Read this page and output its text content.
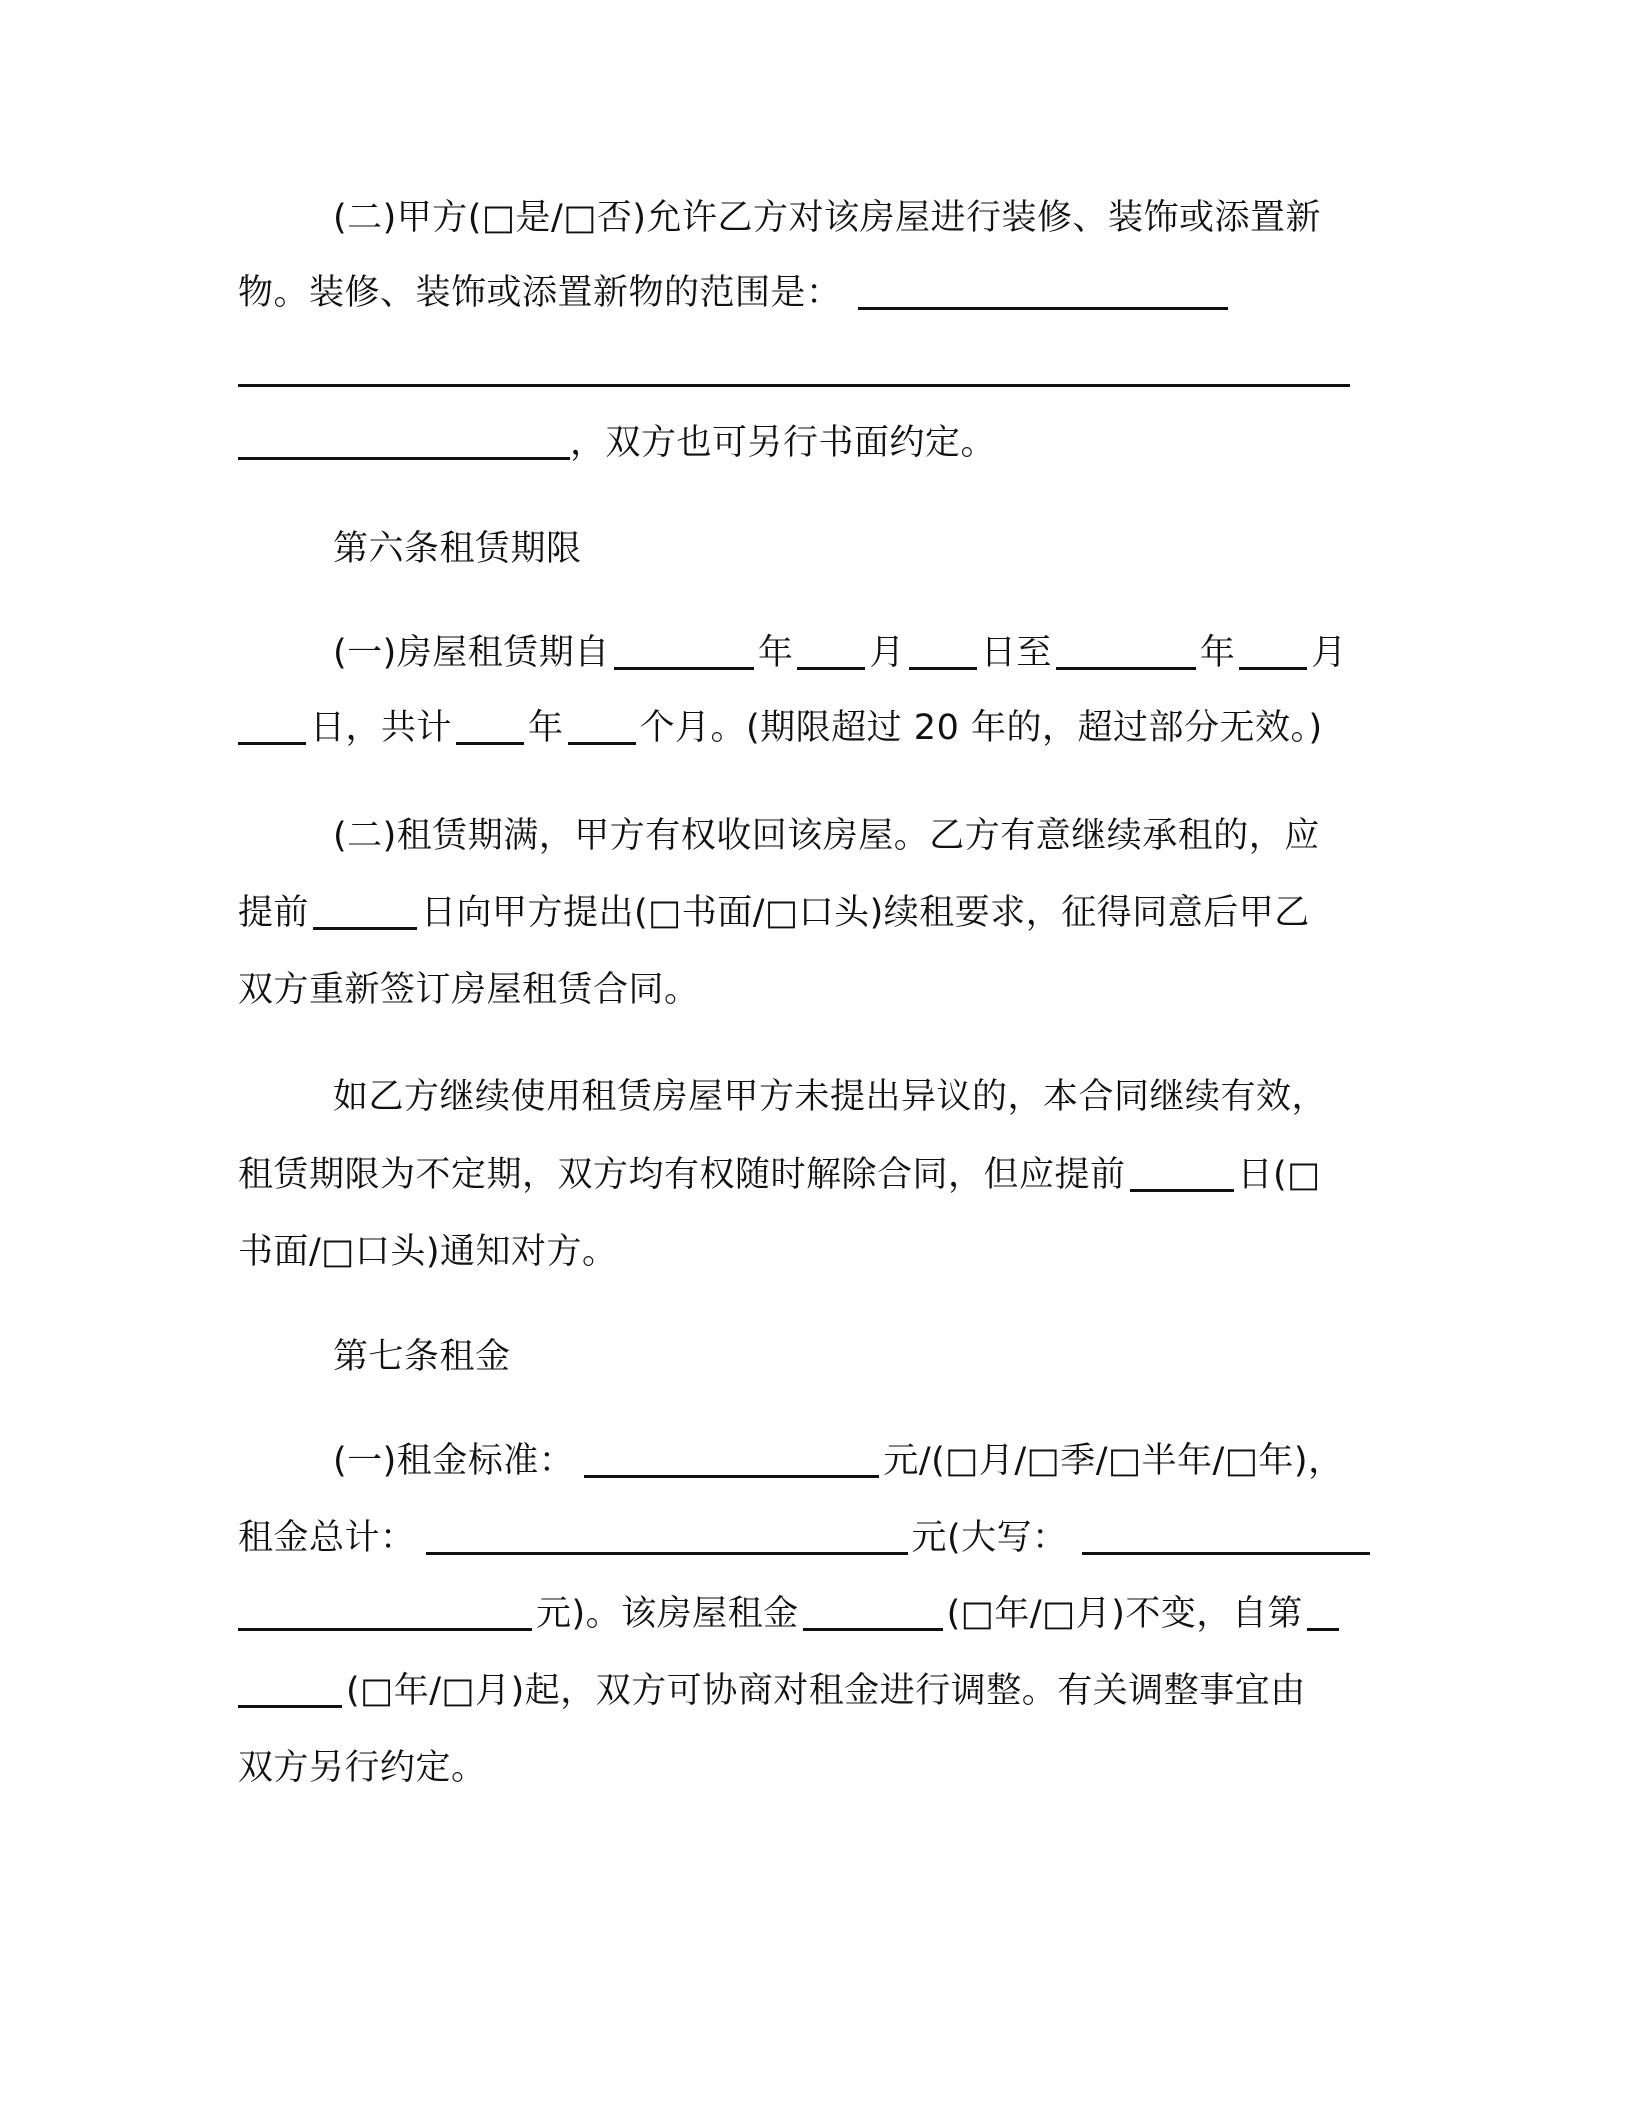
(二)甲方(□是/□否)允许乙方对该房屋进行装修、装饰或添置新
物。装修、装饰或添置新物的范围是：
，双方也可另行书面约定。
第六条租赁期限
(一)房屋租赁期自	年 月 日至	年 月
日，共计 年 个月。(期限超过 20 年的，超过部分无效。)
(二)租赁期满，甲方有权收回该房屋。乙方有意继续承租的，应
提前	日向甲方提出(□书面/□口头)续租要求，征得同意后甲乙
双方重新签订房屋租赁合同。
如乙方继续使用租赁房屋甲方未提出异议的，本合同继续有效，
租赁期限为不定期，双方均有权随时解除合同，但应提前	日(□
书面/□口头)通知对方。
第七条租金
(一)租金标准：	元/(□月/□季/□半年/□年)，
租金总计：	元(大写：
元)。该房屋租金	(□年/□月)不变，自第
(□年/□月)起，双方可协商对租金进行调整。有关调整事宜由
双方另行约定。
